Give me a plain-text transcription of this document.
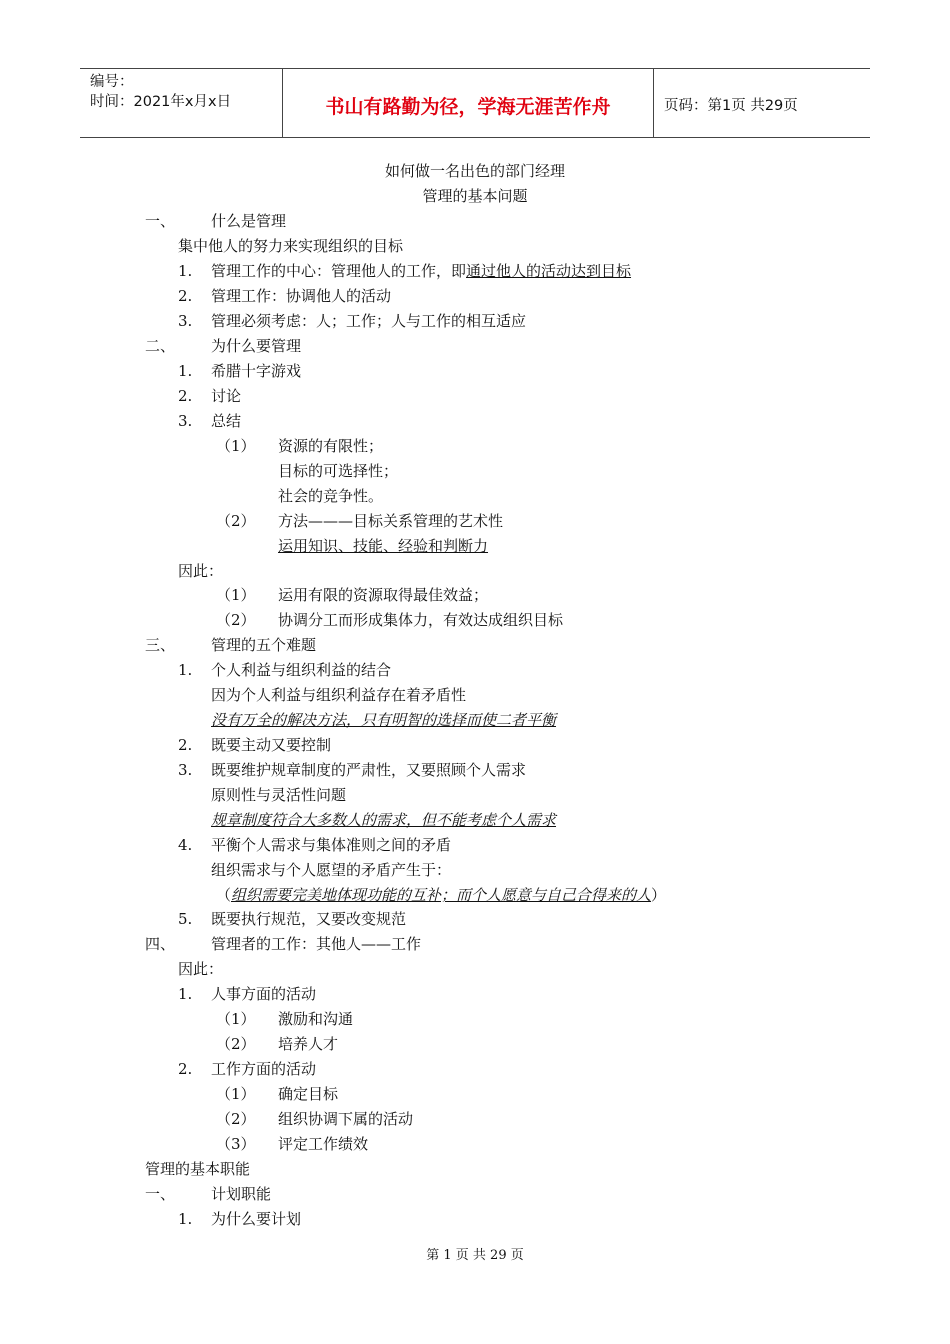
编号：
时间：2021年x月x日	书山有路勤为径，学海无涯苦作舟	页码：第1页 共29页
如何做一名出色的部门经理
管理的基本问题
一、 什么是管理
集中他人的努力来实现组织的目标
1. 管理工作的中心：管理他人的工作，即通过他人的活动达到目标
2. 管理工作：协调他人的活动
3. 管理必须考虑：人；工作；人与工作的相互适应
二、 为什么要管理
1. 希腊十字游戏
2. 讨论
3. 总结
（1） 资源的有限性；
目标的可选择性；
社会的竞争性。
（2） 方法———目标关系管理的艺术性
运用知识、技能、经验和判断力
因此：
（1） 运用有限的资源取得最佳效益；
（2） 协调分工而形成集体力，有效达成组织目标
三、 管理的五个难题
1. 个人利益与组织利益的结合
因为个人利益与组织利益存在着矛盾性
没有万全的解决方法，只有明智的选择而使二者平衡
2. 既要主动又要控制
3. 既要维护规章制度的严肃性，又要照顾个人需求
原则性与灵活性问题
规章制度符合大多数人的需求，但不能考虑个人需求
4. 平衡个人需求与集体准则之间的矛盾
组织需求与个人愿望的矛盾产生于：
（组织需要完美地体现功能的互补；而个人愿意与自己合得来的人）
5. 既要执行规范，又要改变规范
四、 管理者的工作：其他人——工作
因此：
1. 人事方面的活动
（1） 激励和沟通
（2） 培养人才
2. 工作方面的活动
（1） 确定目标
（2） 组织协调下属的活动
（3） 评定工作绩效
管理的基本职能
一、 计划职能
1. 为什么要计划
第 1 页 共 29 页
